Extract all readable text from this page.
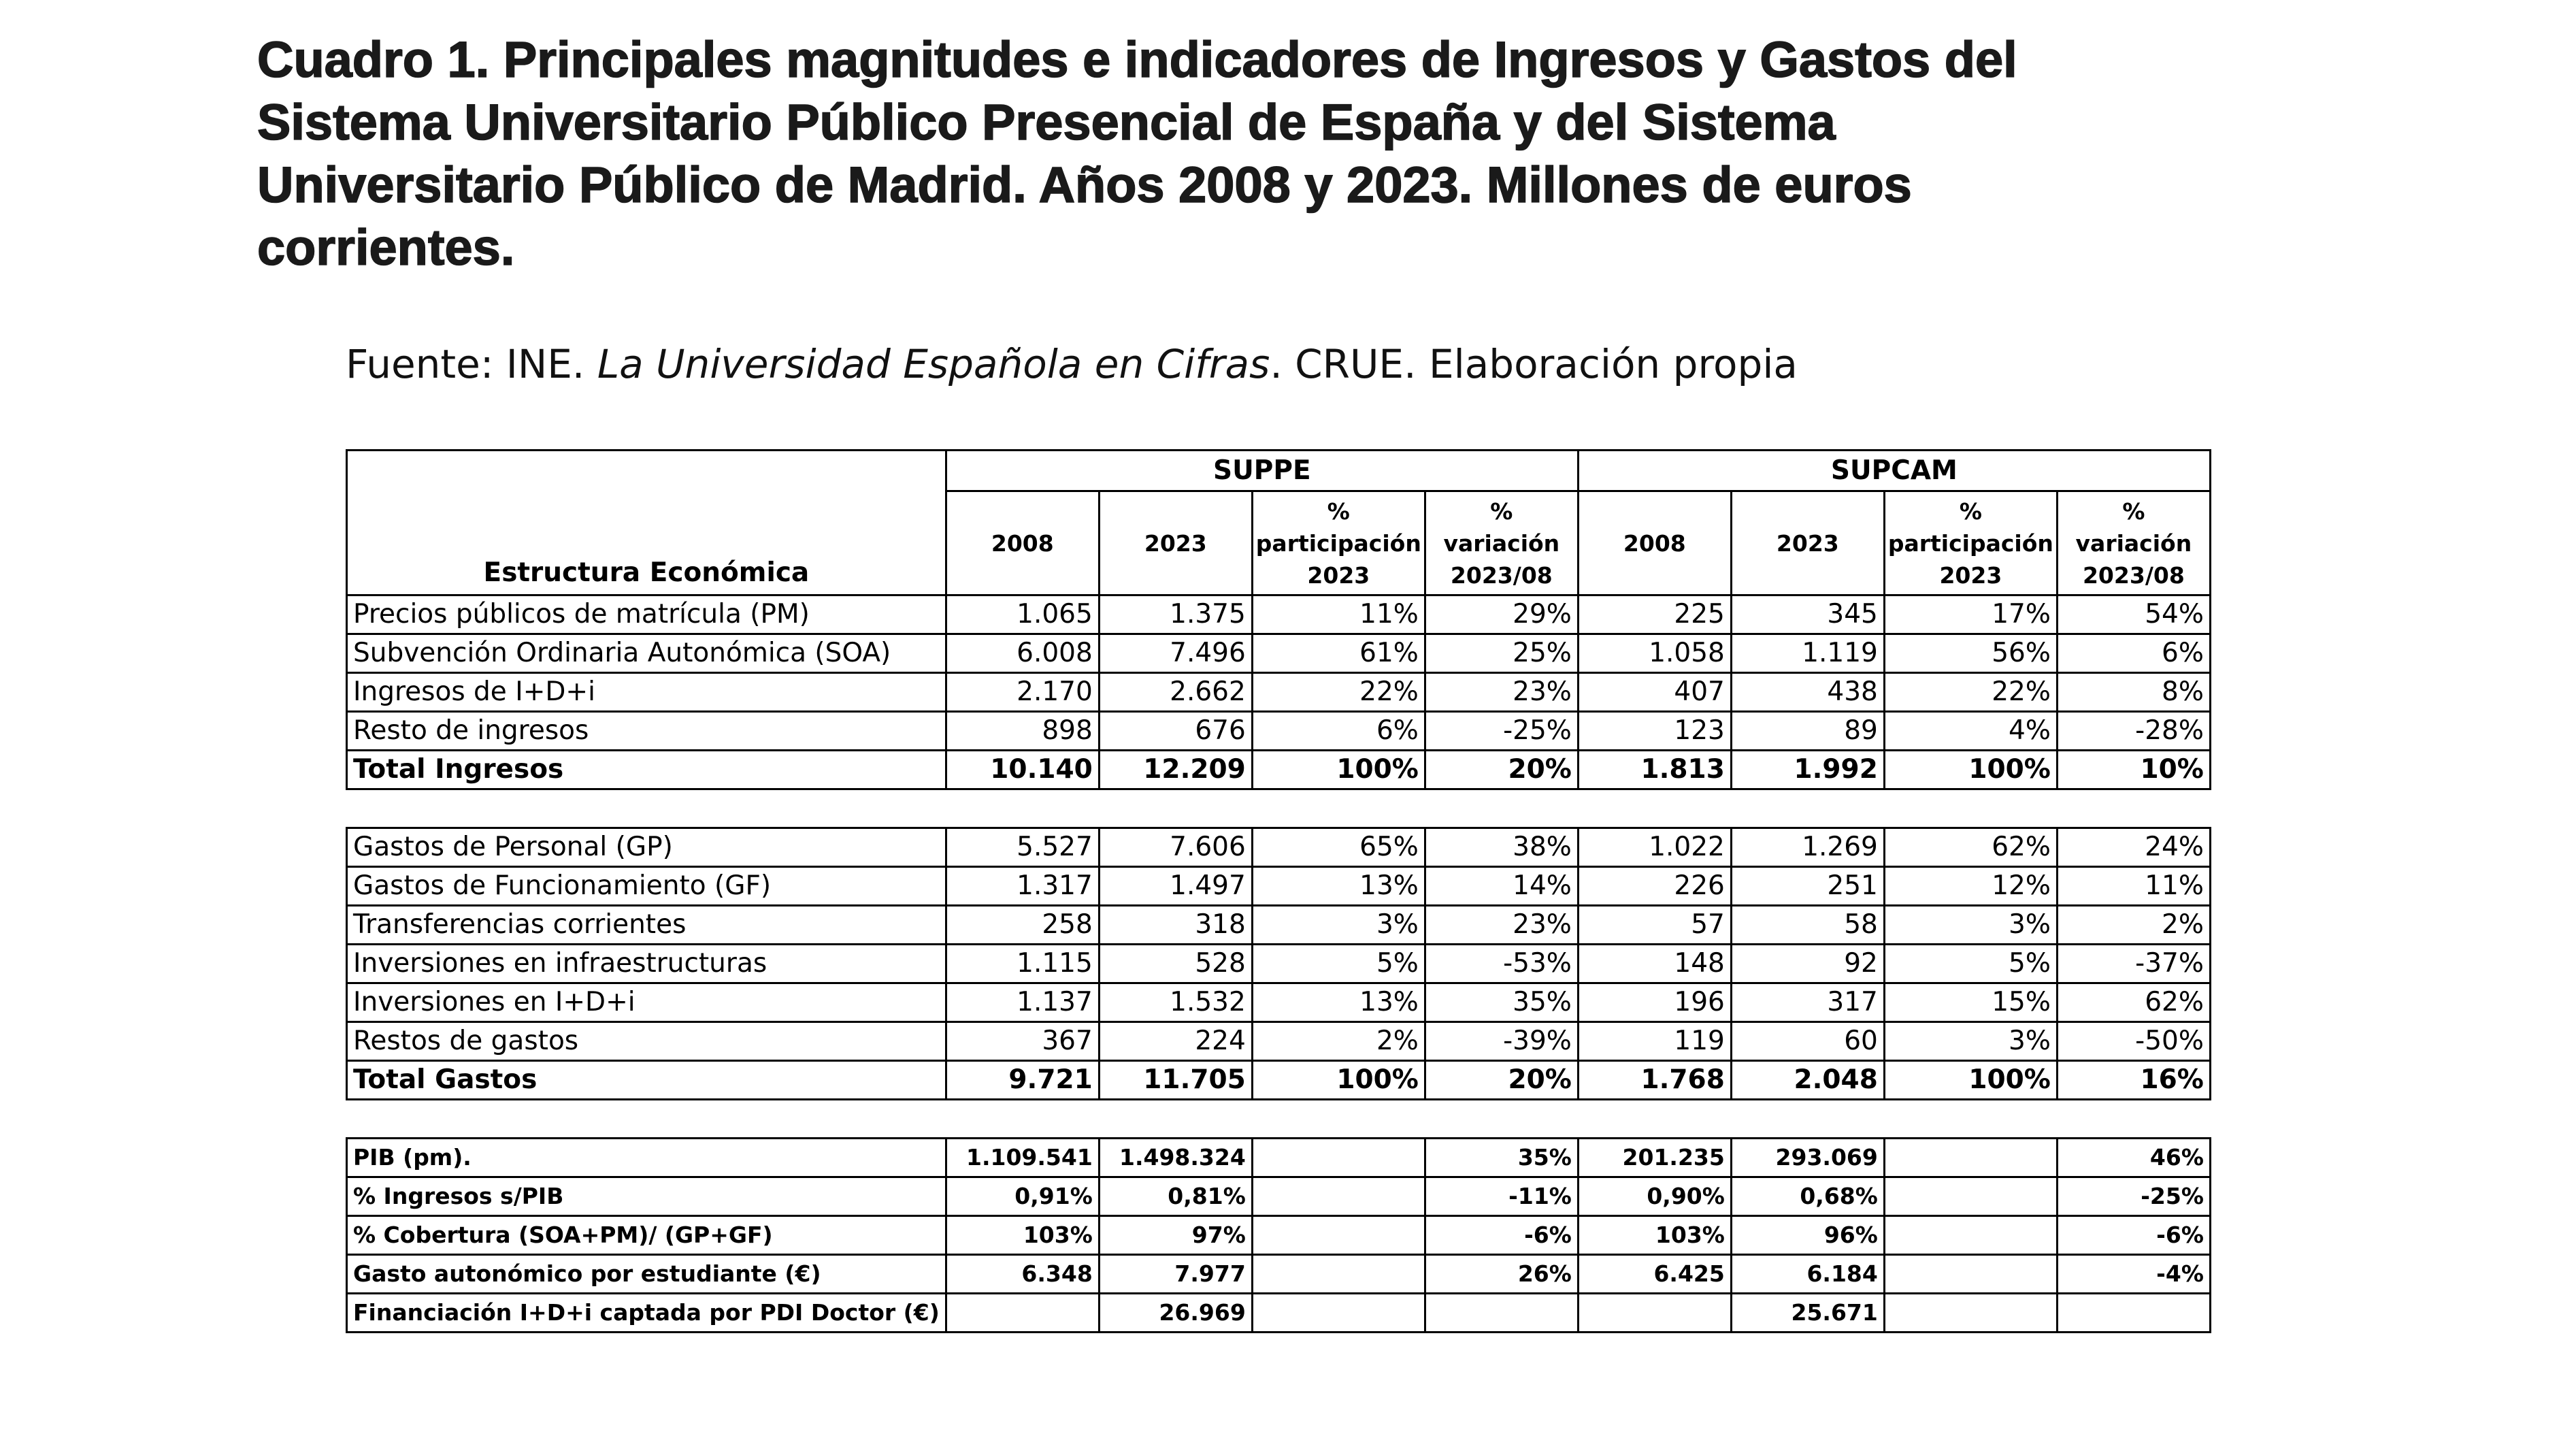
Cuadro 1. Principales magnitudes e indicadores de Ingresos y Gastos del
Sistema Universitario Público Presencial de España y del Sistema
Universitario Público de Madrid. Años 2008 y 2023. Millones de euros
corrientes.
Fuente: INE. La Universidad Española en Cifras. CRUE. Elaboración propia
Estructura Económica	SUPPE				SUPCAM			
	2008	2023	% participación 2023	% variación 2023/08	2008	2023	% participación 2023	% variación 2023/08
Precios públicos de matrícula (PM)	1.065	1.375	11%	29%	225	345	17%	54%
Subvención Ordinaria Autonómica (SOA)	6.008	7.496	61%	25%	1.058	1.119	56%	6%
Ingresos de I+D+i	2.170	2.662	22%	23%	407	438	22%	8%
Resto de ingresos	898	676	6%	-25%	123	89	4%	-28%
Total Ingresos	10.140	12.209	100%	20%	1.813	1.992	100%	10%

Gastos de Personal (GP)	5.527	7.606	65%	38%	1.022	1.269	62%	24%
Gastos de Funcionamiento (GF)	1.317	1.497	13%	14%	226	251	12%	11%
Transferencias corrientes	258	318	3%	23%	57	58	3%	2%
Inversiones en infraestructuras	1.115	528	5%	-53%	148	92	5%	-37%
Inversiones en I+D+i	1.137	1.532	13%	35%	196	317	15%	62%
Restos de gastos	367	224	2%	-39%	119	60	3%	-50%
Total Gastos	9.721	11.705	100%	20%	1.768	2.048	100%	16%

PIB (pm).	1.109.541	1.498.324		35%	201.235	293.069		46%
% Ingresos s/PIB	0,91%	0,81%		-11%	0,90%	0,68%		-25%
% Cobertura (SOA+PM)/ (GP+GF)	103%	97%		-6%	103%	96%		-6%
Gasto autonómico por estudiante (€)	6.348	7.977		26%	6.425	6.184		-4%
Financiación I+D+i captada por PDI Doctor (€)		26.969				25.671		
